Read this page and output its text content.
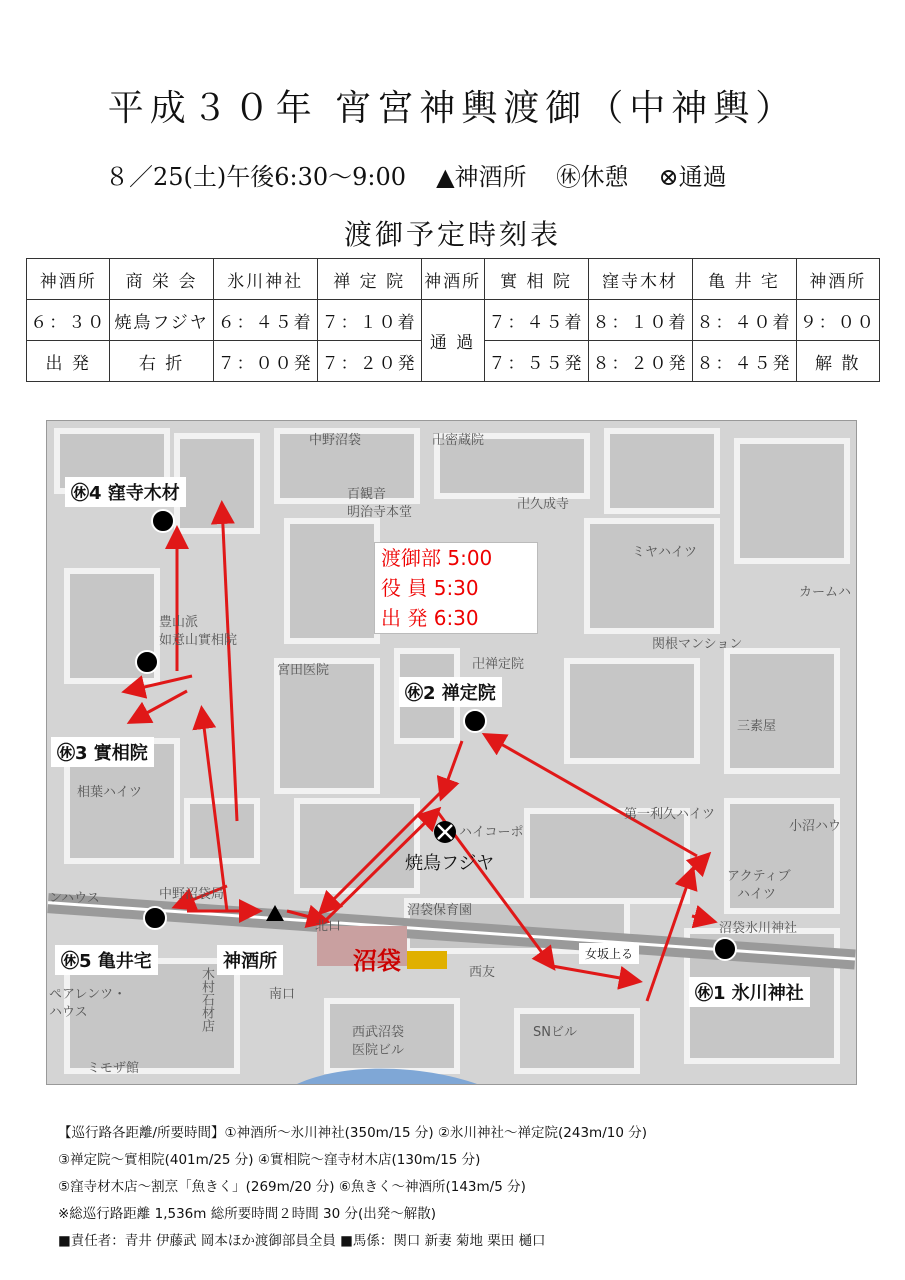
平成３０年 宵宮神輿渡御（中神輿）
８／25(土)午後6:30～9:00 ▲神酒所 ㊡休憩 ⊗通過
渡御予定時刻表
神酒所	商 栄 会	氷川神社	禅 定 院	神酒所	實 相 院	窪寺木材	亀 井 宅	神酒所
６：３０	焼鳥フジヤ	６：４５着	７：１０着	通 過	７：４５着	８：１０着	８：４０着	９：００
出 発	右 折	７：００発	７：２０発		７：５５発	８：２０発	８：４５発	解 散
渡御部 5:00
役 員 5:30
出 発 6:30
㊡4 窪寺木材
㊡3 實相院
㊡2 禅定院
㊡1 氷川神社
㊡5 亀井宅	神酒所
焼鳥フジヤ
女坂上る
沼袋
中野沼袋	卍密蔵院
百観音
明治寺本堂
卍久成寺
ミヤハイツ
カームハ
関根マンション
卍禅定院
三素屋
第一利久ハイツ
小沼ハウ
アクティブ
ハイツ
沼袋氷川神社
豊山派
如意山實相院
宮田医院
相葉ハイツ
中野沼袋局
沼袋保育園
西友
SNビル
西武沼袋
医院ビル
ペアレンツ・
ハウス
ミモザ館
ンハウス
北口
南口
木村石材店
ハイコーポ
【巡行路各距離/所要時間】①神酒所～氷川神社(350m/15 分) ②氷川神社～禅定院(243m/10 分)
③禅定院～實相院(401m/25 分) ④實相院～窪寺材木店(130m/15 分)
⑤窪寺材木店～割烹「魚きく」(269m/20 分) ⑥魚きく～神酒所(143m/5 分)
※総巡行路距離 1,536m 総所要時間２時間 30 分(出発～解散)
■責任者：青井 伊藤武 岡本ほか渡御部員全員 ■馬係：関口 新妻 菊地 栗田 樋口
